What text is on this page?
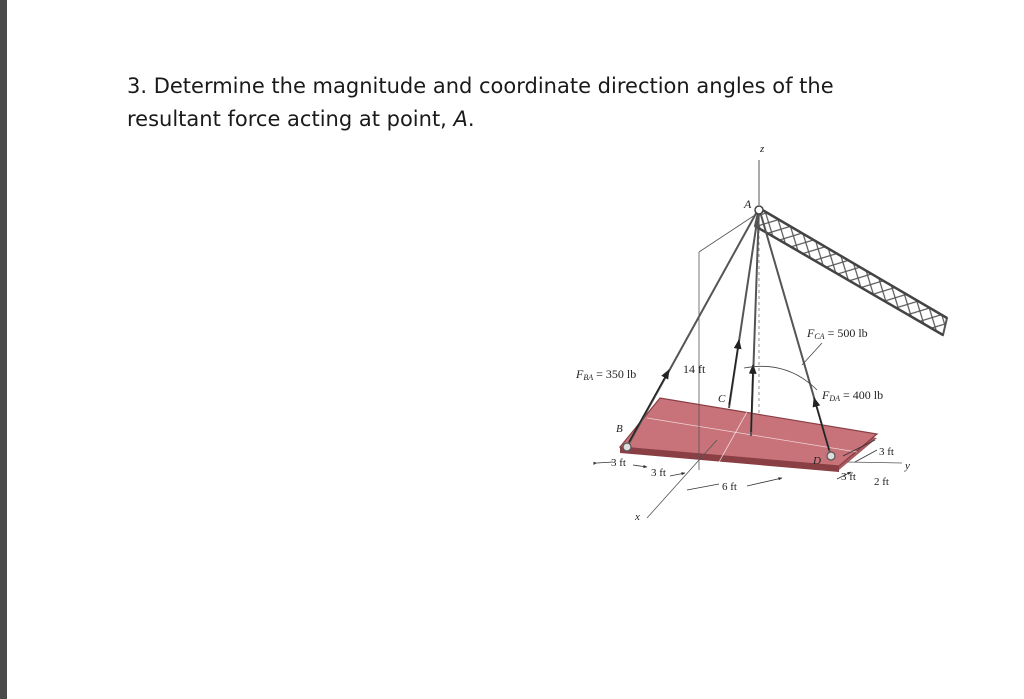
3. Determine the magnitude and coordinate direction angles of the
resultant force acting at point, A.

z
x
y
14 ft
A
B
C
D
FBA = 350 lb
FCA = 500 lb
FDA = 400 lb
3 ft
3 ft
6 ft
3 ft
3 ft 2 ft
